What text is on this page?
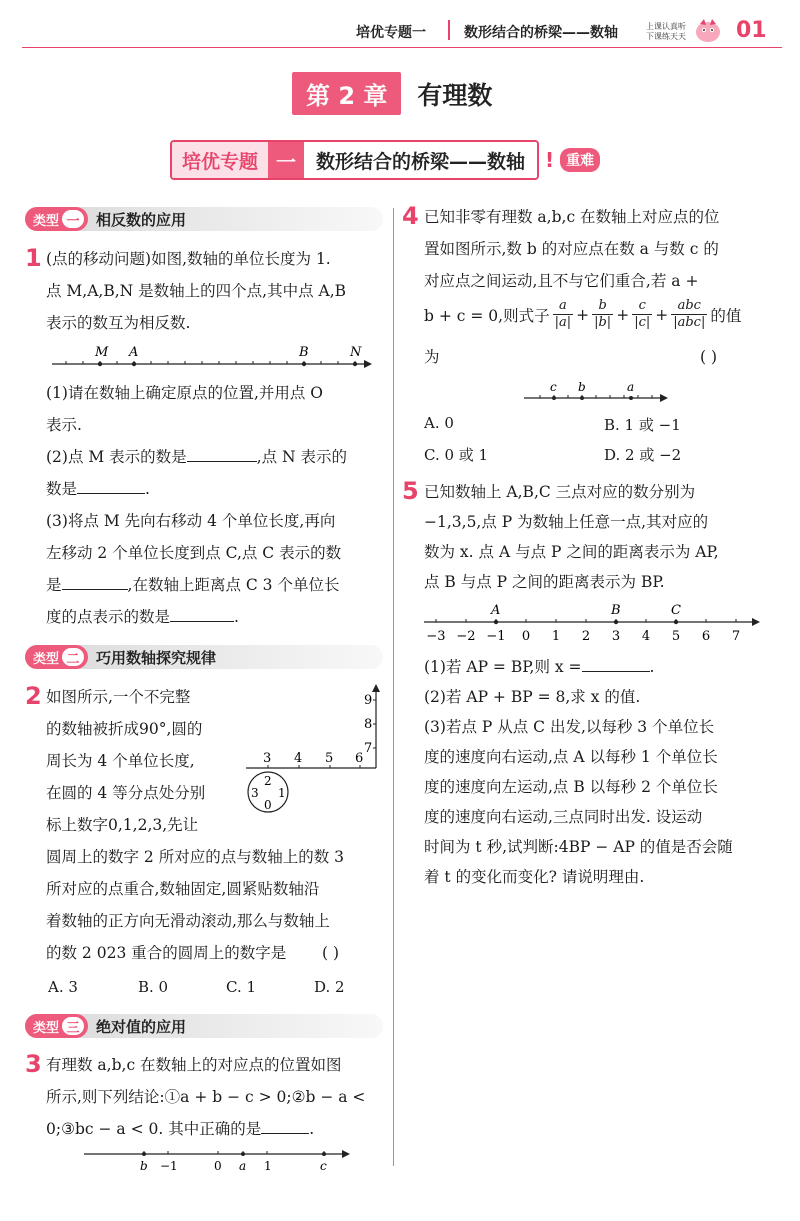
培优专题一	数形结合的桥梁——数轴	上课认真听
下课练天天 01
第 2 章	有理数
培优专题 一	数形结合的桥梁——数轴	! 重难
类型 一	相反数的应用
1 (点的移动问题)如图,数轴的单位长度为 1.
点 M,A,B,N 是数轴上的四个点,其中点 A,B
表示的数互为相反数.
M A	B	N
(1)请在数轴上确定原点的位置,并用点 O
表示.
(2)点 M 表示的数是	,点 N 表示的
数是	.
(3)将点 M 先向右移动 4 个单位长度,再向
左移动 2 个单位长度到点 C,点 C 表示的数
是	,在数轴上距离点 C 3 个单位长
度的点表示的数是	.
类型 二	巧用数轴探究规律
2 如图所示,一个不完整
的数轴被折成90°,圆的
周长为 4 个单位长度,
在圆的 4 等分点处分别
标上数字0,1,2,3,先让
3 4 5 6
7
8
9
2
3 1
0
圆周上的数字 2 所对应的点与数轴上的数 3
所对应的点重合,数轴固定,圆紧贴数轴沿
着数轴的正方向无滑动滚动,那么与数轴上
的数 2 023 重合的圆周上的数字是 ( )
A. 3	B. 0	C. 1	D. 2
类型 三	绝对值的应用
3 有理数 a,b,c 在数轴上的对应点的位置如图
所示,则下列结论:①a + b − c > 0;②b − a <
0;③bc − a < 0. 其中正确的是	.
b −1	0 a 1	c
4 已知非零有理数 a,b,c 在数轴上对应点的位
置如图所示,数 b 的对应点在数 a 与数 c 的
对应点之间运动,且不与它们重合,若 a +
b + c = 0,则式子
a
$|a| + \frac{b}{|b|} + \frac{c}{|c|}$ + abc
|abc| 的值
为	( )
c b	a
A. 0	B. 1 或 −1
C. 0 或 1	D. 2 或 −2
5 已知数轴上 A,B,C 三点对应的数分别为
−1,3,5,点 P 为数轴上任意一点,其对应的
数为 x. 点 A 与点 P 之间的距离表示为 AP,
点 B 与点 P 之间的距离表示为 BP.
A	B	C
−3 −2 −1 0 1 2 3 4 5 6 7
(1)若 AP = BP,则 x =	.
(2)若 AP + BP = 8,求 x 的值.
(3)若点 P 从点 C 出发,以每秒 3 个单位长
度的速度向右运动,点 A 以每秒 1 个单位长
度的速度向左运动,点 B 以每秒 2 个单位长
度的速度向右运动,三点同时出发. 设运动
时间为 t 秒,试判断:4BP − AP 的值是否会随
着 t 的变化而变化? 请说明理由.
